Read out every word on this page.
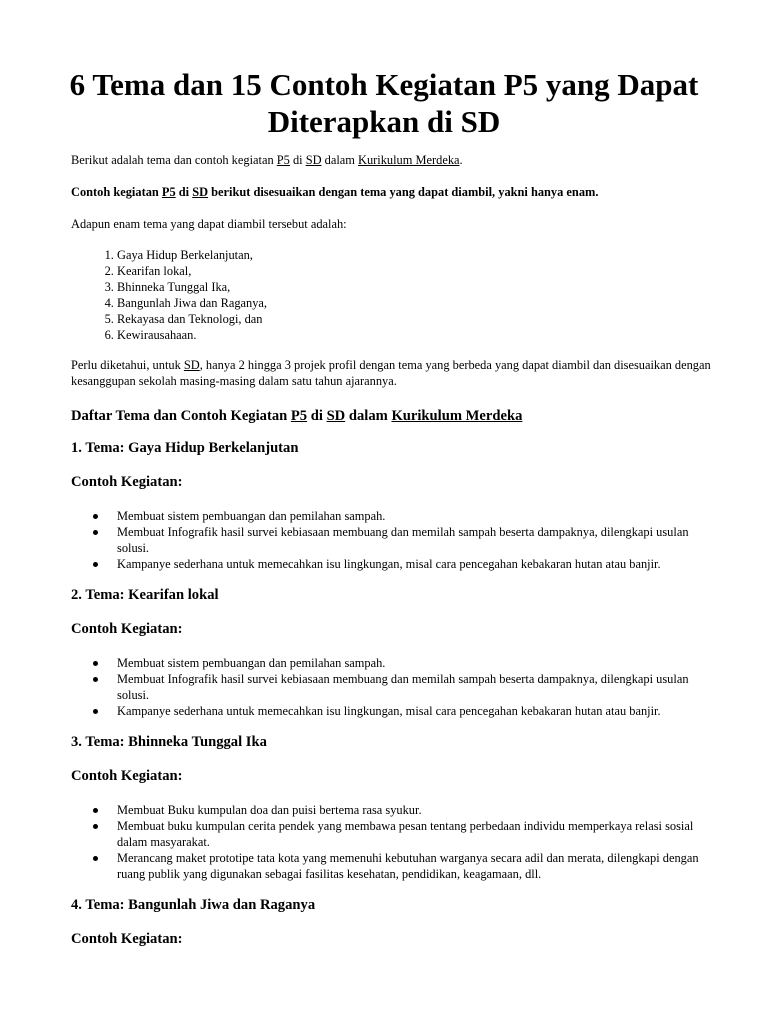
6 Tema dan 15 Contoh Kegiatan P5 yang Dapat Diterapkan di SD

Berikut adalah tema dan contoh kegiatan P5 di SD dalam Kurikulum Merdeka.

Contoh kegiatan P5 di SD berikut disesuaikan dengan tema yang dapat diambil, yakni hanya enam.

Adapun enam tema yang dapat diambil tersebut adalah:

1. Gaya Hidup Berkelanjutan,
2. Kearifan lokal,
3. Bhinneka Tunggal Ika,
4. Bangunlah Jiwa dan Raganya,
5. Rekayasa dan Teknologi, dan
6. Kewirausahaan.

Perlu diketahui, untuk SD, hanya 2 hingga 3 projek profil dengan tema yang berbeda yang dapat diambil dan disesuaikan dengan kesanggupan sekolah masing-masing dalam satu tahun ajarannya.

Daftar Tema dan Contoh Kegiatan P5 di SD dalam Kurikulum Merdeka
1. Tema: Gaya Hidup Berkelanjutan
Contoh Kegiatan:
Membuat sistem pembuangan dan pemilahan sampah.
Membuat Infografik hasil survei kebiasaan membuang dan memilah sampah beserta dampaknya, dilengkapi usulan solusi.
Kampanye sederhana untuk memecahkan isu lingkungan, misal cara pencegahan kebakaran hutan atau banjir.
2. Tema: Kearifan lokal
Contoh Kegiatan:
Membuat sistem pembuangan dan pemilahan sampah.
Membuat Infografik hasil survei kebiasaan membuang dan memilah sampah beserta dampaknya, dilengkapi usulan solusi.
Kampanye sederhana untuk memecahkan isu lingkungan, misal cara pencegahan kebakaran hutan atau banjir.
3. Tema: Bhinneka Tunggal Ika
Contoh Kegiatan:
Membuat Buku kumpulan doa dan puisi bertema rasa syukur.
Membuat buku kumpulan cerita pendek yang membawa pesan tentang perbedaan individu memperkaya relasi sosial dalam masyarakat.
Merancang maket prototipe tata kota yang memenuhi kebutuhan warganya secara adil dan merata, dilengkapi dengan ruang publik yang digunakan sebagai fasilitas kesehatan, pendidikan, keagamaan, dll.
4. Tema: Bangunlah Jiwa dan Raganya
Contoh Kegiatan:
